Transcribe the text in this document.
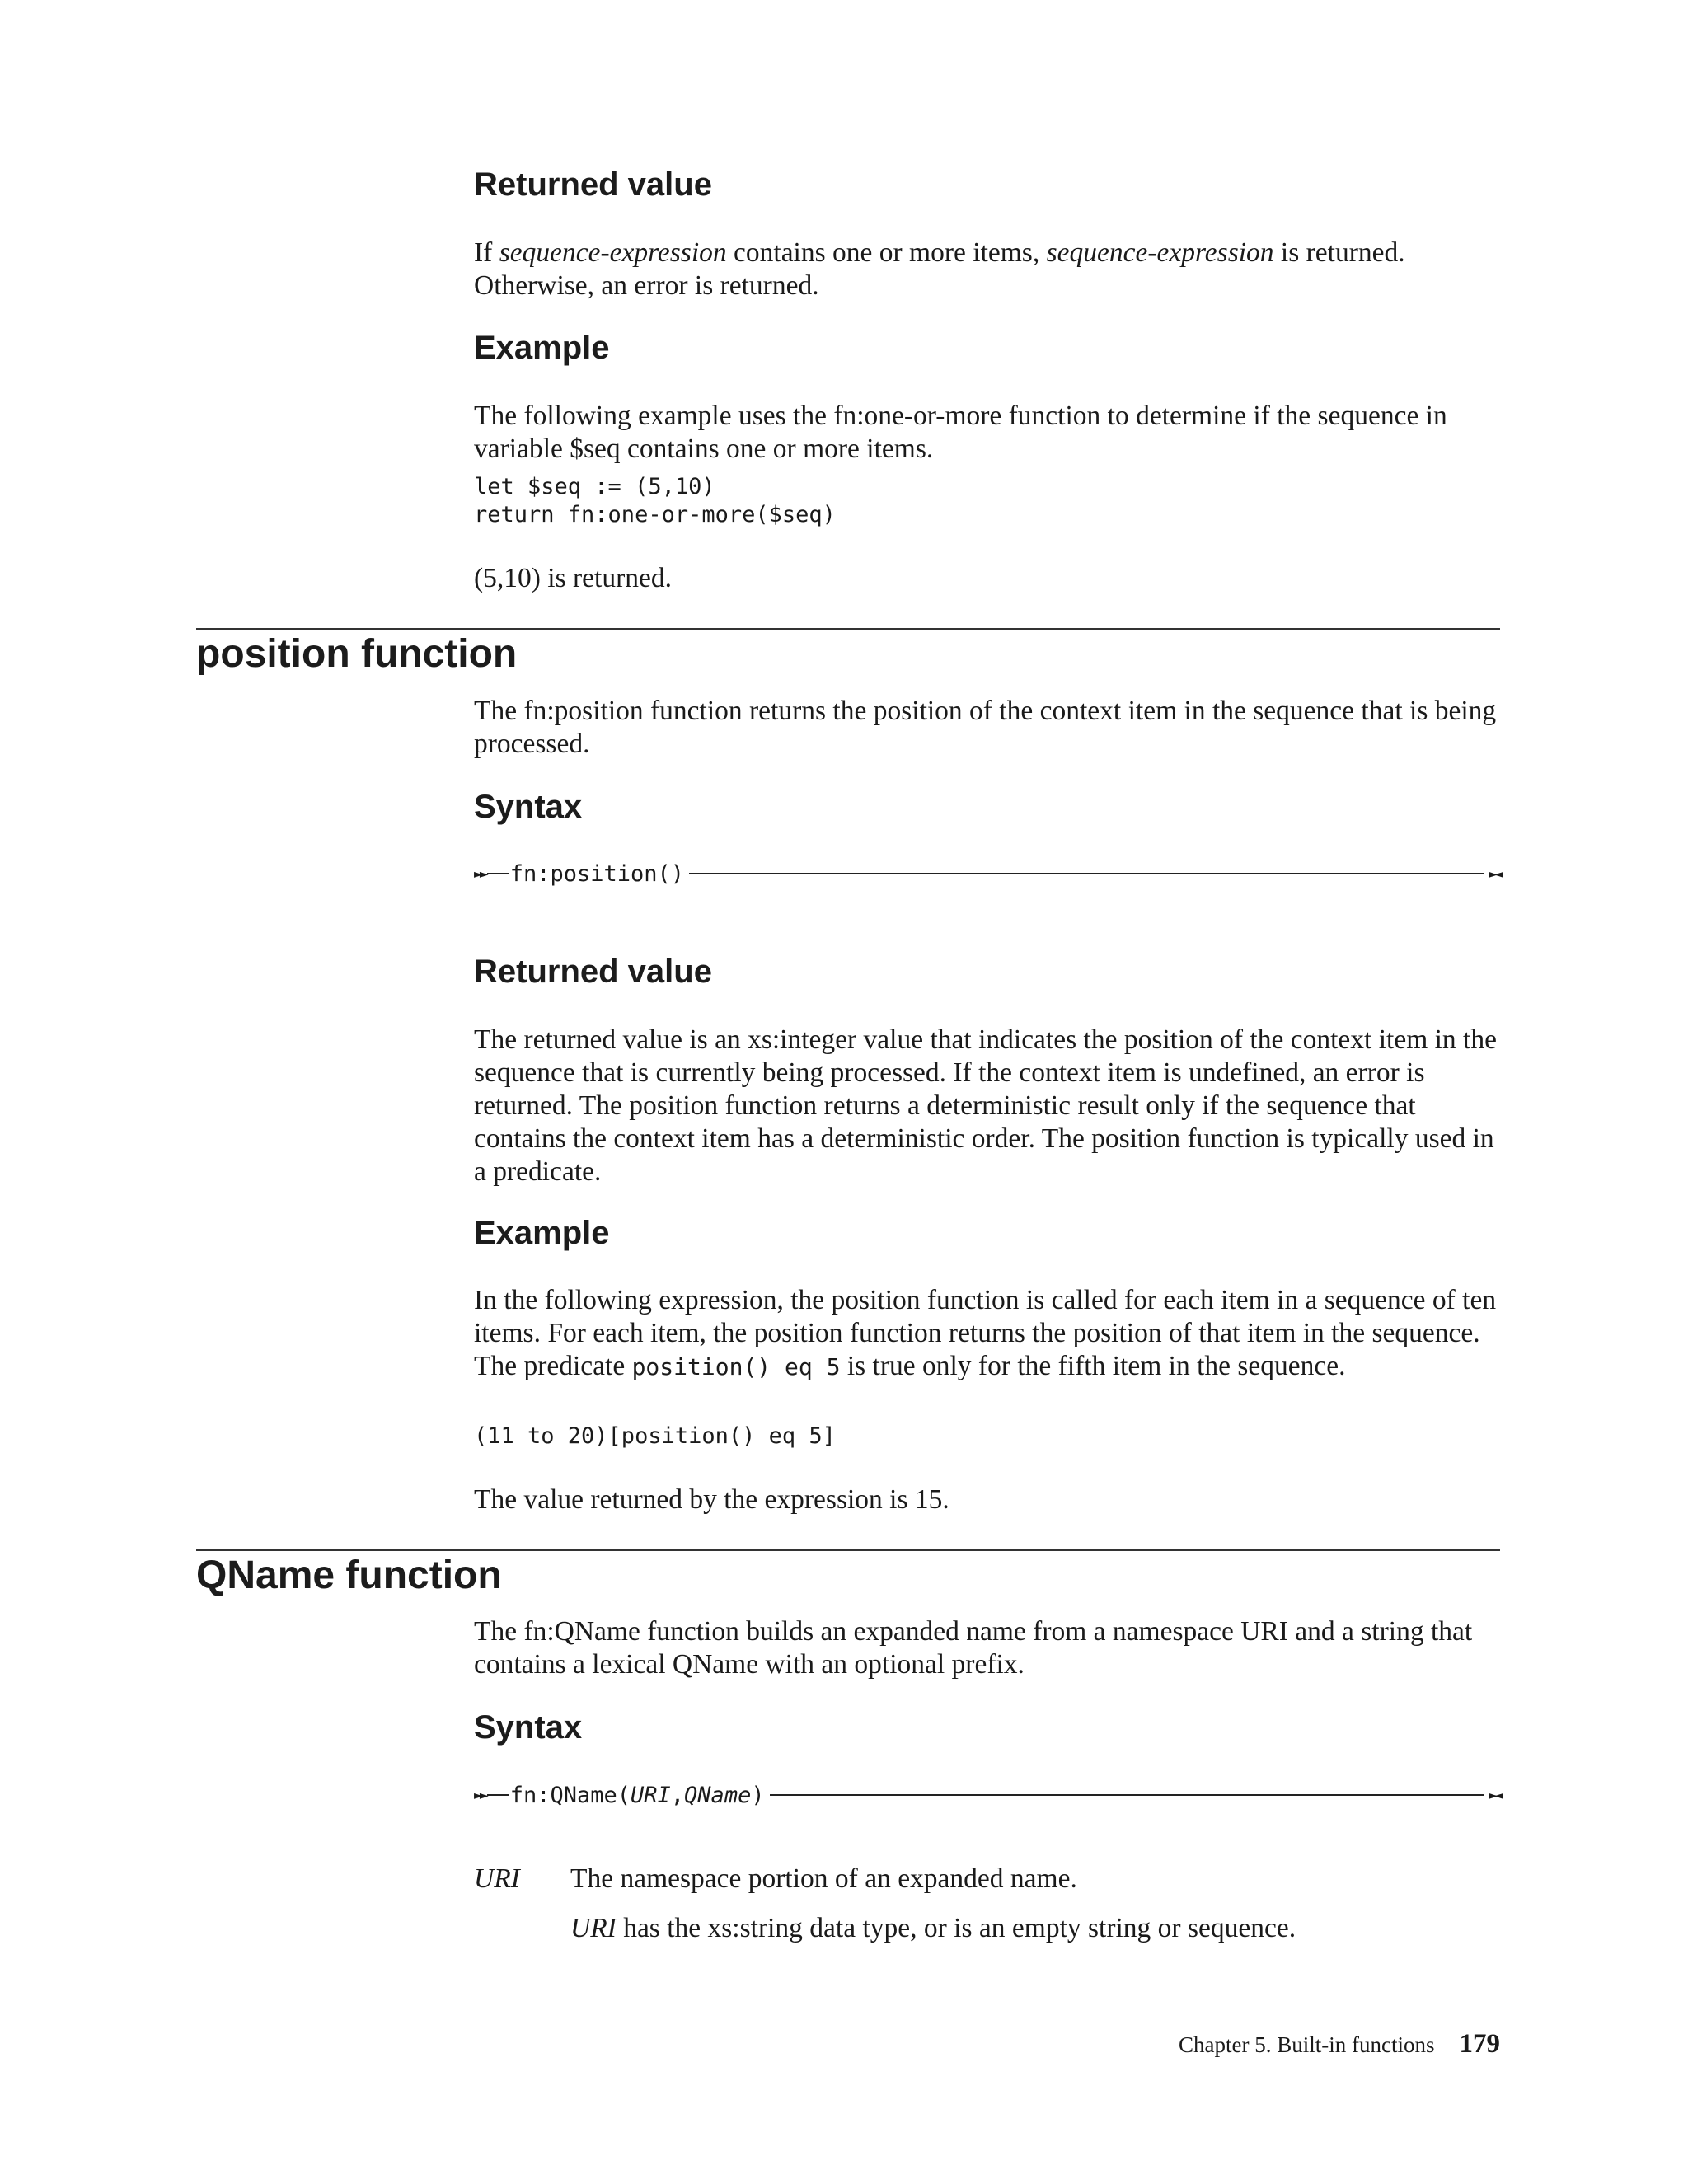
Returned value

If sequence-expression contains one or more items, sequence-expression is returned. Otherwise, an error is returned.

Example

The following example uses the fn:one-or-more function to determine if the sequence in variable $seq contains one or more items.

let $seq := (5,10)
return fn:one-or-more($seq)

(5,10) is returned.

position function

The fn:position function returns the position of the context item in the sequence that is being processed.

Syntax
►► fn:position()	►◄
Returned value

The returned value is an xs:integer value that indicates the position of the context item in the sequence that is currently being processed. If the context item is undefined, an error is returned. The position function returns a deterministic result only if the sequence that contains the context item has a deterministic order. The position function is typically used in a predicate.

Example

In the following expression, the position function is called for each item in a sequence of ten items. For each item, the position function returns the position of that item in the sequence. The predicate position() eq 5 is true only for the fifth item in the sequence.

(11 to 20)[position() eq 5]

The value returned by the expression is 15.

QName function

The fn:QName function builds an expanded name from a namespace URI and a string that contains a lexical QName with an optional prefix.

Syntax
►► fn:QName(URI,QName)	►◄
URI The namespace portion of an expanded name.

URI has the xs:string data type, or is an empty string or sequence.

Chapter 5. Built-in functions 179
